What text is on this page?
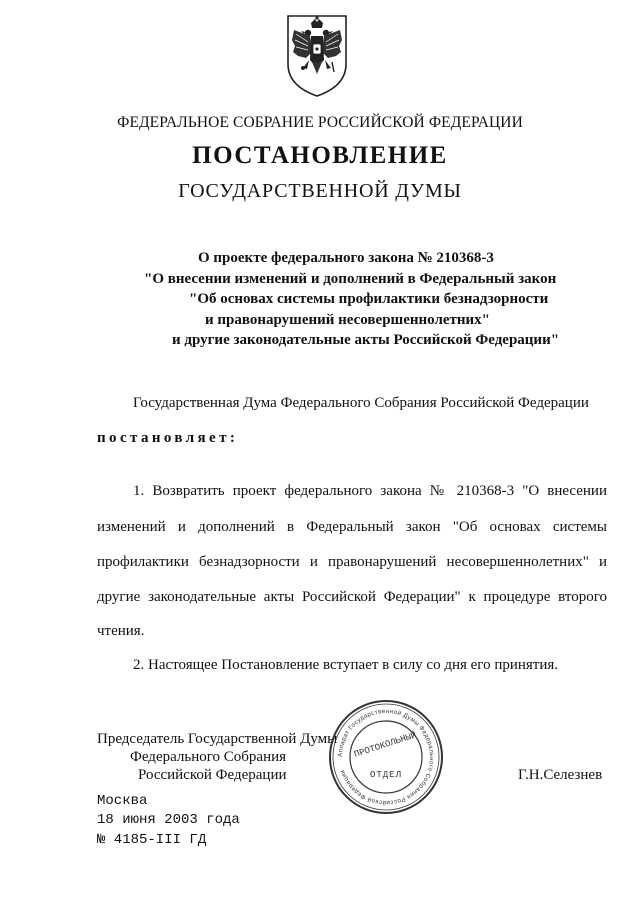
ФЕДЕРАЛЬНОЕ СОБРАНИЕ РОССИЙСКОЙ ФЕДЕРАЦИИ
ПОСТАНОВЛЕНИЕ
ГОСУДАРСТВЕННОЙ ДУМЫ
О проекте федерального закона № 210368-3
"О внесении изменений и дополнений в Федеральный закон
"Об основах системы профилактики безнадзорности
и правонарушений несовершеннолетних"
и другие законодательные акты Российской Федерации"
Государственная Дума Федерального Собрания Российской Федерации
постановляет:
1. Возвратить проект федерального закона № 210368-3 "О внесении
изменений и дополнений в Федеральный закон "Об основах системы
профилактики безнадзорности и правонарушений несовершеннолетних" и
другие законодательные акты Российской Федерации" к процедуре второго
чтения.
2. Настоящее Постановление вступает в силу со дня его принятия.
Председатель Государственной Думы
Федерального Собрания
Российской Федерации	Г.Н.Селезнев
Аппарат Государственной Думы Федерального Собрания Российской Федерации
ПРОТОКОЛЬНЫЙ
ОТДЕЛ
Москва
18 июня 2003 года
№ 4185-III ГД
